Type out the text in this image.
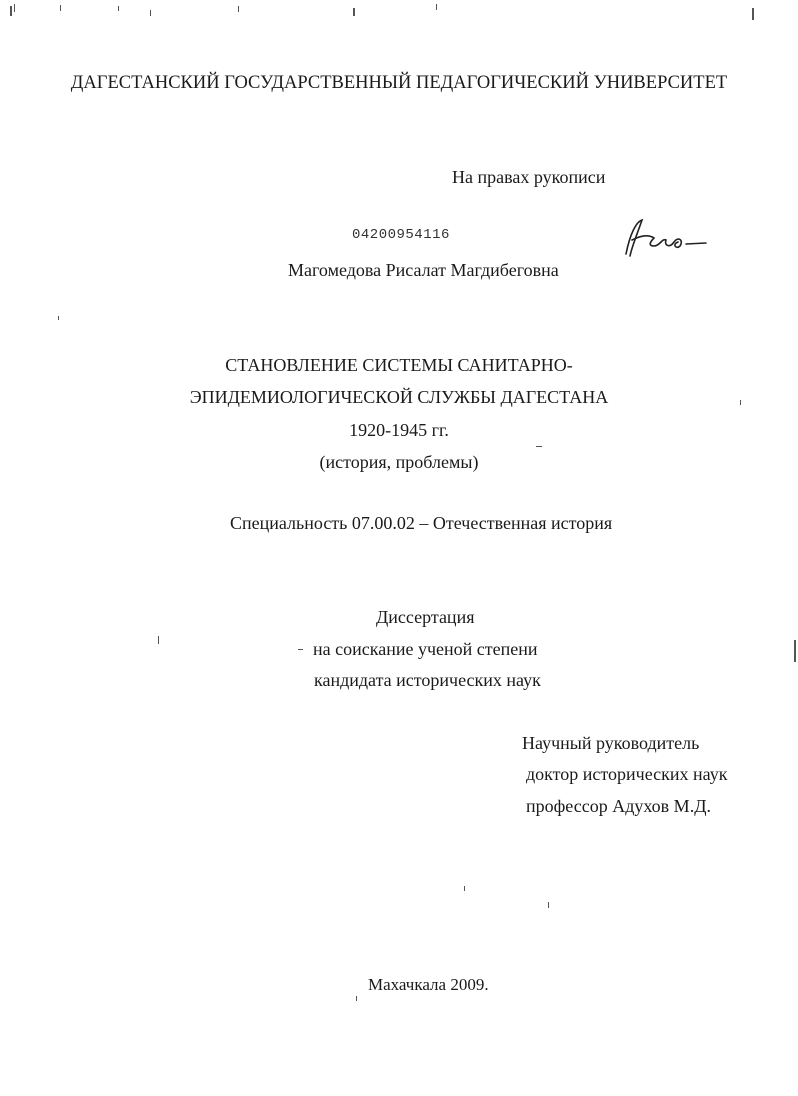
ДАГЕСТАНСКИЙ ГОСУДАРСТВЕННЫЙ ПЕДАГОГИЧЕСКИЙ УНИВЕРСИТЕТ
На правах рукописи
04200954116
Магомедова Рисалат Магдибеговна
СТАНОВЛЕНИЕ СИСТЕМЫ САНИТАРНО-
ЭПИДЕМИОЛОГИЧЕСКОЙ СЛУЖБЫ ДАГЕСТАНА
1920-1945 гг.
(история, проблемы)
Специальность 07.00.02 – Отечественная история
Диссертация
на соискание ученой степени
кандидата исторических наук
Научный руководитель
доктор исторических наук
профессор Адухов М.Д.
Махачкала 2009.
